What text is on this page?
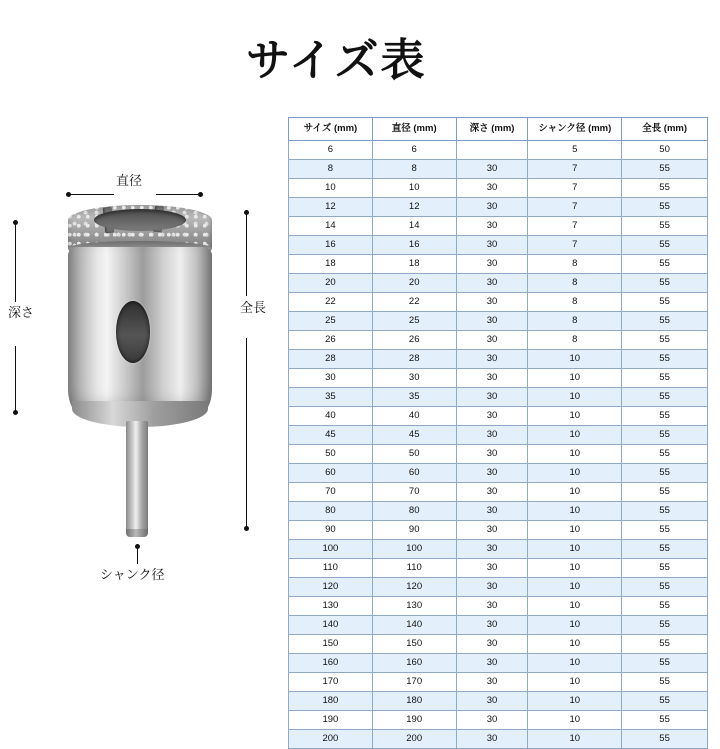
サイズ表
直径
全長
深さ
シャンク径
サイズ (mm)	直径 (mm)	深さ (mm)	シャンク径 (mm)	全長 (mm)
6	6		5	50
8	8	30	7	55
10	10	30	7	55
12	12	30	7	55
14	14	30	7	55
16	16	30	7	55
18	18	30	8	55
20	20	30	8	55
22	22	30	8	55
25	25	30	8	55
26	26	30	8	55
28	28	30	10	55
30	30	30	10	55
35	35	30	10	55
40	40	30	10	55
45	45	30	10	55
50	50	30	10	55
60	60	30	10	55
70	70	30	10	55
80	80	30	10	55
90	90	30	10	55
100	100	30	10	55
110	110	30	10	55
120	120	30	10	55
130	130	30	10	55
140	140	30	10	55
150	150	30	10	55
160	160	30	10	55
170	170	30	10	55
180	180	30	10	55
190	190	30	10	55
200	200	30	10	55
